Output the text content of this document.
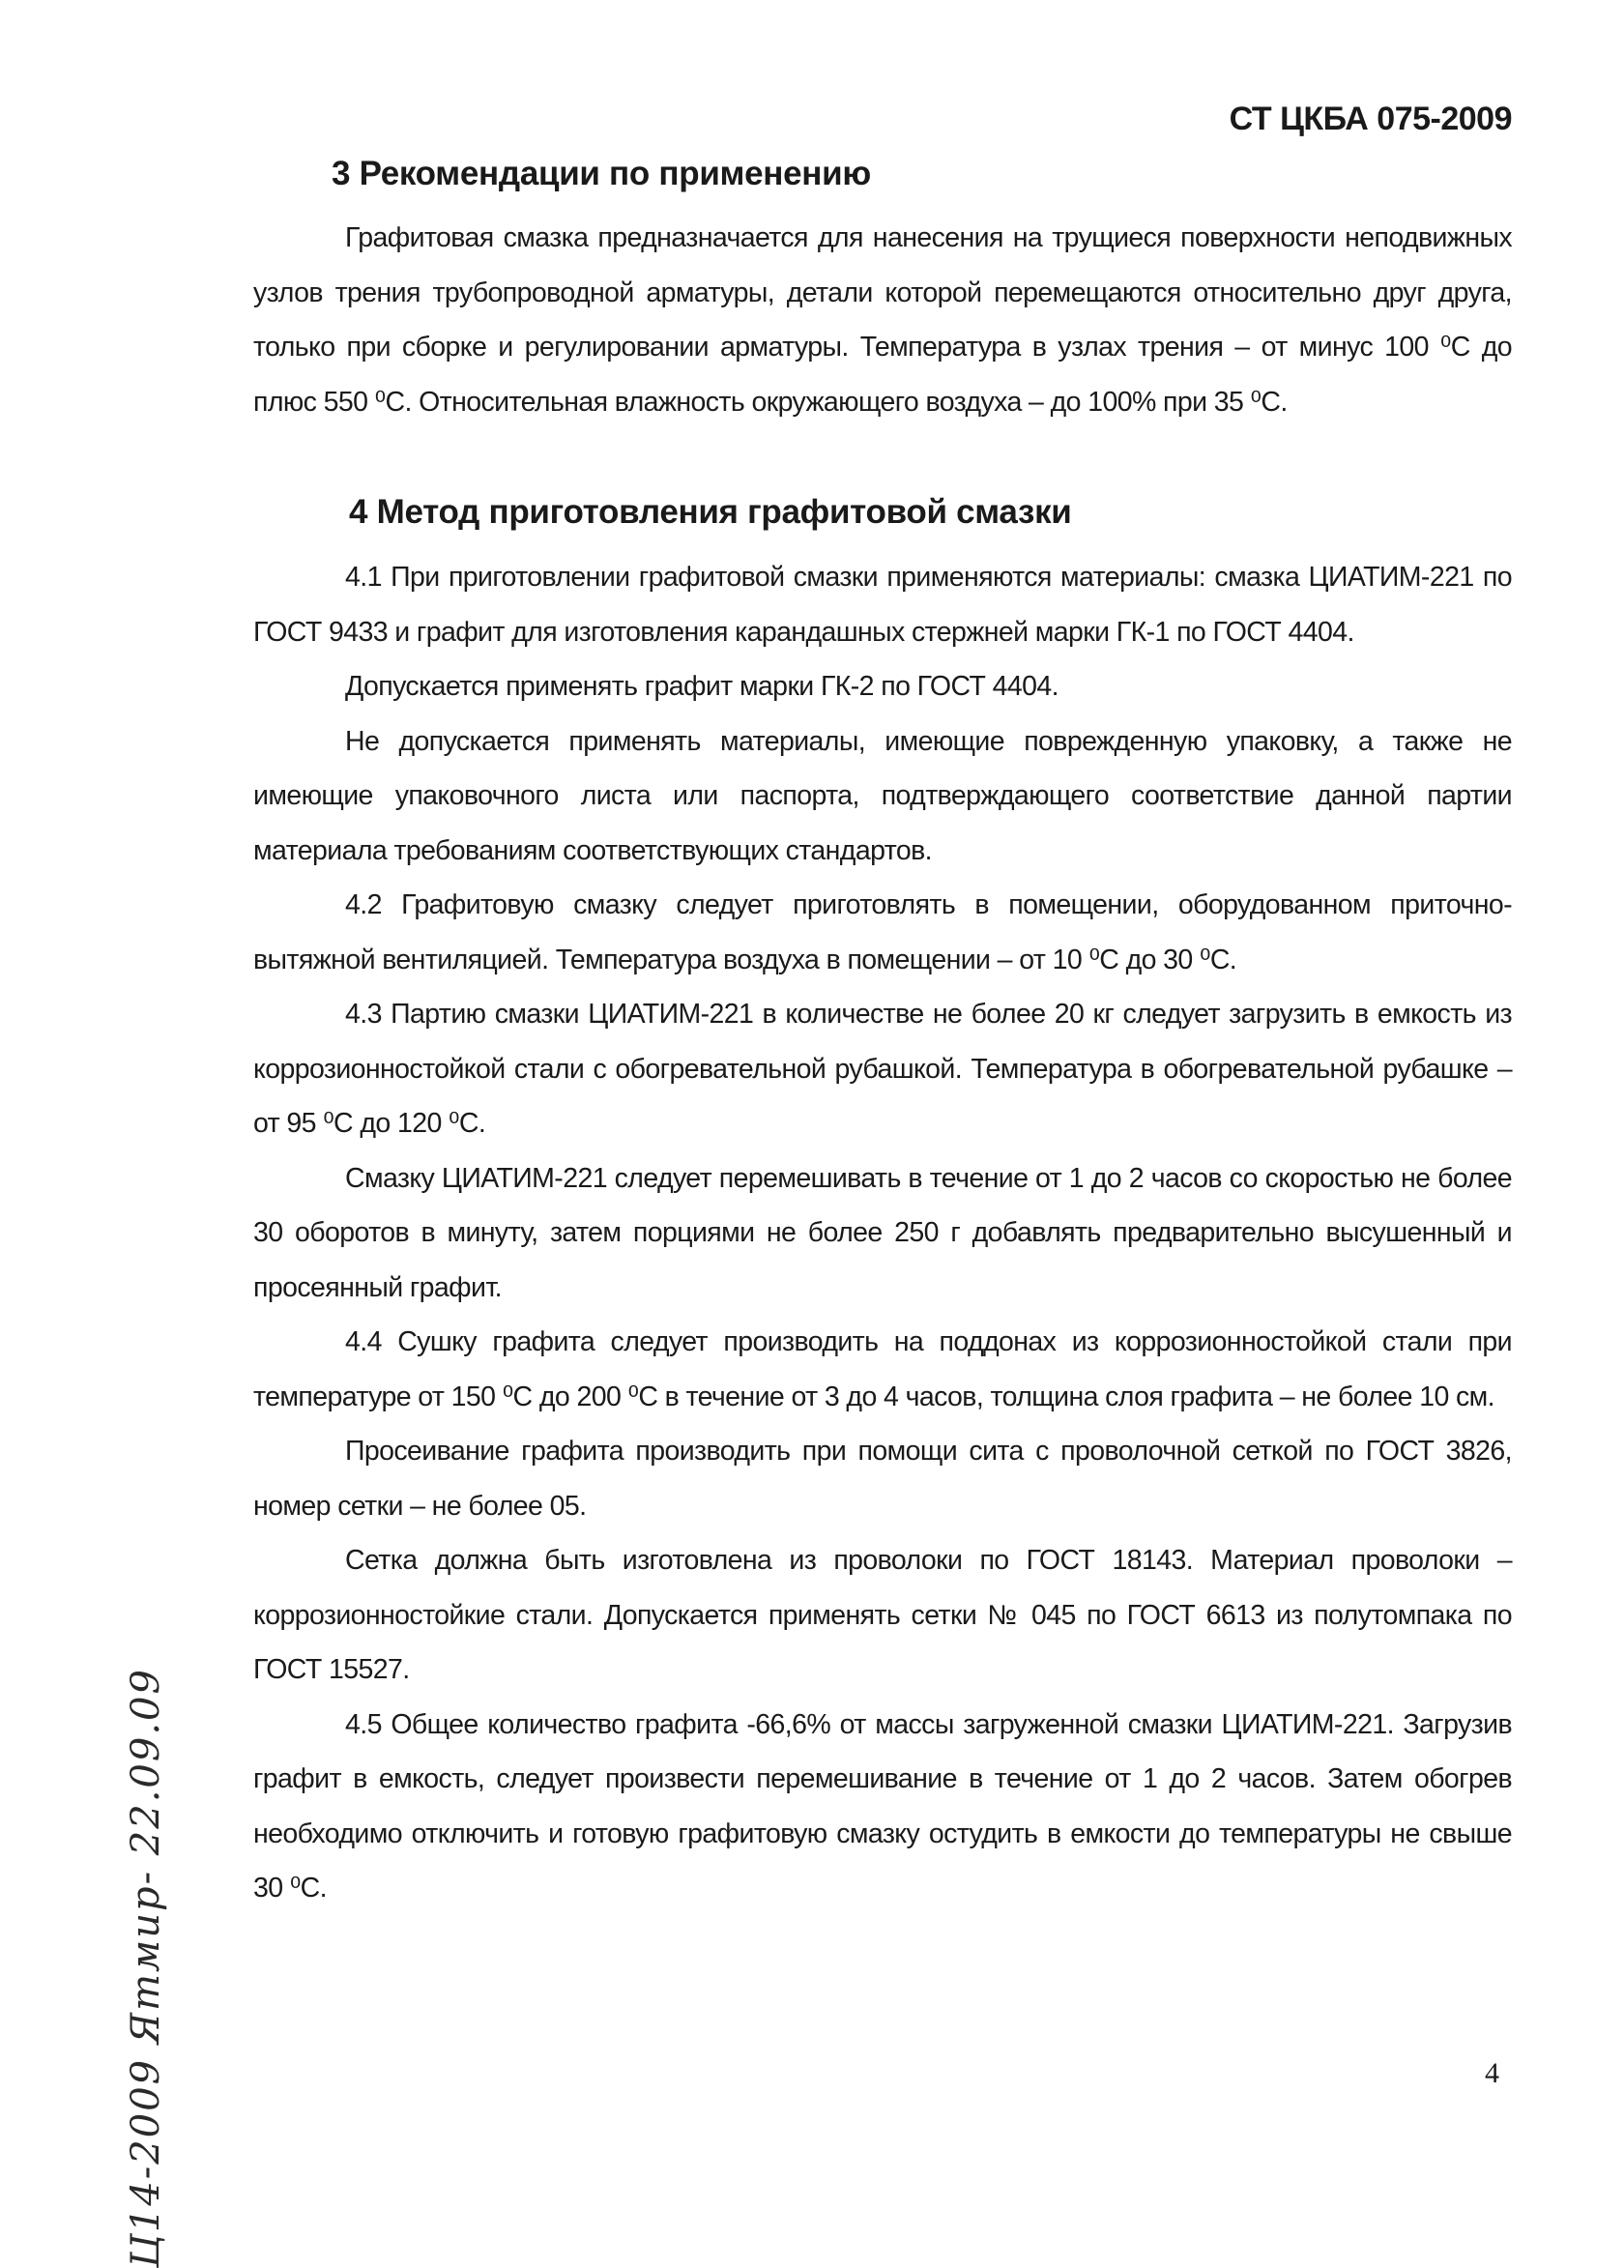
СТ ЦКБА 075-2009
3 Рекомендации по применению

Графитовая смазка предназначается для нанесения на трущиеся поверхности неподвижных узлов трения трубопроводной арматуры, детали которой перемещаются относительно друг друга, только при сборке и регулировании арматуры. Температура в узлах трения – от минус 100 ⁰С до плюс 550 ⁰С. Относительная влажность окружающего воздуха – до 100% при 35 ⁰С.

4 Метод приготовления графитовой смазки

4.1 При приготовлении графитовой смазки применяются материалы: смазка ЦИАТИМ-221 по ГОСТ 9433 и графит для изготовления карандашных стержней марки ГК-1 по ГОСТ 4404.

Допускается применять графит марки ГК-2 по ГОСТ 4404.

Не допускается применять материалы, имеющие поврежденную упаковку, а также не имеющие упаковочного листа или паспорта, подтверждающего соответствие данной партии материала требованиям соответствующих стандартов.

4.2 Графитовую смазку следует приготовлять в помещении, оборудованном приточно-вытяжной вентиляцией. Температура воздуха в помещении – от 10 ⁰С до 30 ⁰С.

4.3 Партию смазки ЦИАТИМ-221 в количестве не более 20 кг следует загрузить в емкость из коррозионностойкой стали с обогревательной рубашкой. Температура в обогревательной рубашке – от 95 ⁰С до 120 ⁰С.

Смазку ЦИАТИМ-221 следует перемешивать в течение от 1 до 2 часов со скоростью не более 30 оборотов в минуту, затем порциями не более 250 г добавлять предварительно высушенный и просеянный графит.

4.4 Сушку графита следует производить на поддонах из коррозионностойкой стали при температуре от 150 ⁰С до 200 ⁰С в течение от 3 до 4 часов, толщина слоя графита – не более 10 см.

Просеивание графита производить при помощи сита с проволочной сеткой по ГОСТ 3826, номер сетки – не более 05.

Сетка должна быть изготовлена из проволоки по ГОСТ 18143. Материал проволоки – коррозионностойкие стали. Допускается применять сетки № 045 по ГОСТ 6613 из полутомпака по ГОСТ 15527.

4.5 Общее количество графита -66,6% от массы загруженной смазки ЦИАТИМ-221. Загрузив графит в емкость, следует произвести перемешивание в течение от 1 до 2 часов. Затем обогрев необходимо отключить и готовую графитовую смазку остудить в емкости до температуры не свыше 30 ⁰С.

Ц14-2009 Ятмир- 22.09.09	4
